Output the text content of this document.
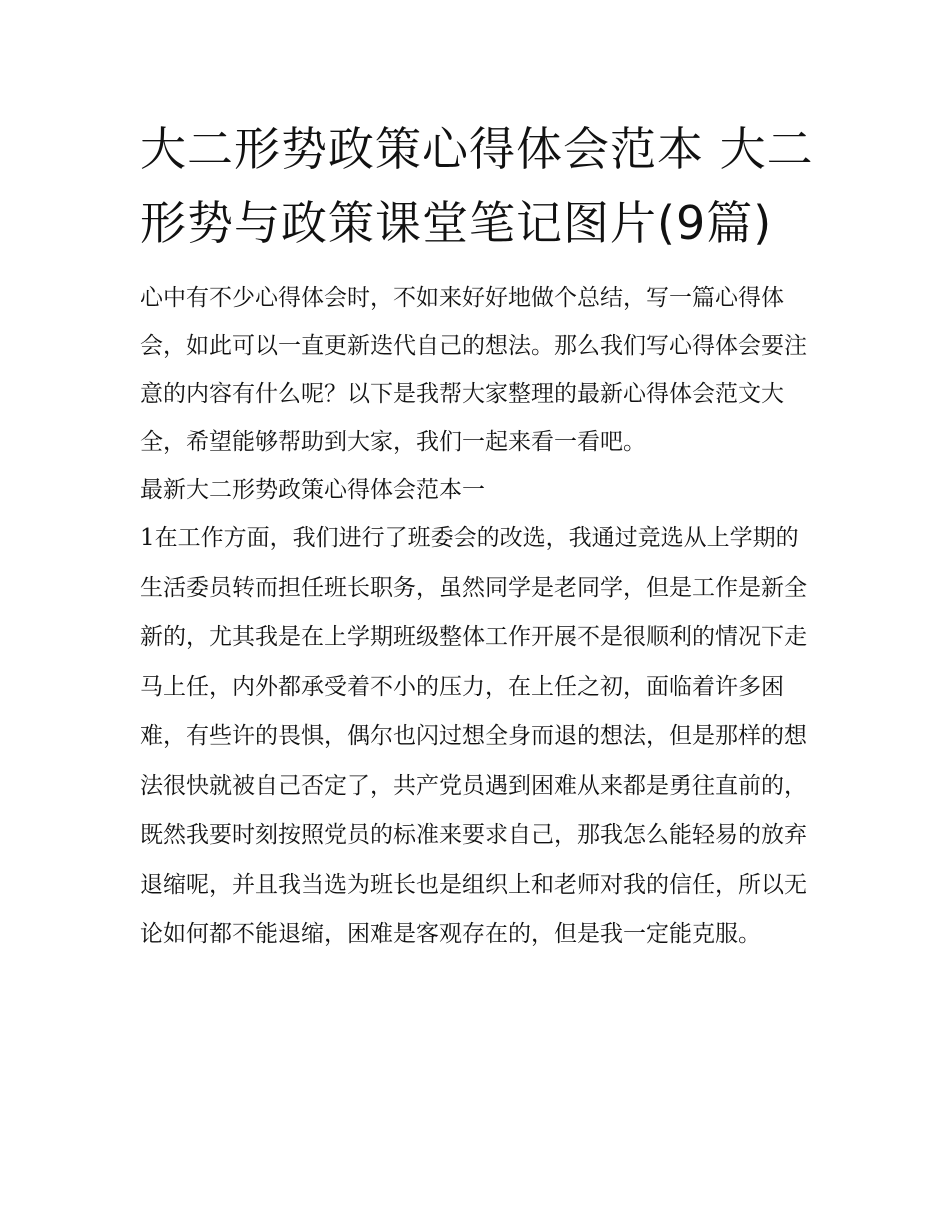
大二形势政策心得体会范本 大二形势与政策课堂笔记图片(9篇)

心中有不少心得体会时，不如来好好地做个总结，写一篇心得体会，如此可以一直更新迭代自己的想法。那么我们写心得体会要注意的内容有什么呢？以下是我帮大家整理的最新心得体会范文大全，希望能够帮助到大家，我们一起来看一看吧。

最新大二形势政策心得体会范本一

1在工作方面，我们进行了班委会的改选，我通过竞选从上学期的生活委员转而担任班长职务，虽然同学是老同学，但是工作是新全新的，尤其我是在上学期班级整体工作开展不是很顺利的情况下走马上任，内外都承受着不小的压力，在上任之初，面临着许多困难，有些许的畏惧，偶尔也闪过想全身而退的想法，但是那样的想法很快就被自己否定了，共产党员遇到困难从来都是勇往直前的，既然我要时刻按照党员的标准来要求自己，那我怎么能轻易的放弃退缩呢，并且我当选为班长也是组织上和老师对我的信任，所以无论如何都不能退缩，困难是客观存在的，但是我一定能克服。
